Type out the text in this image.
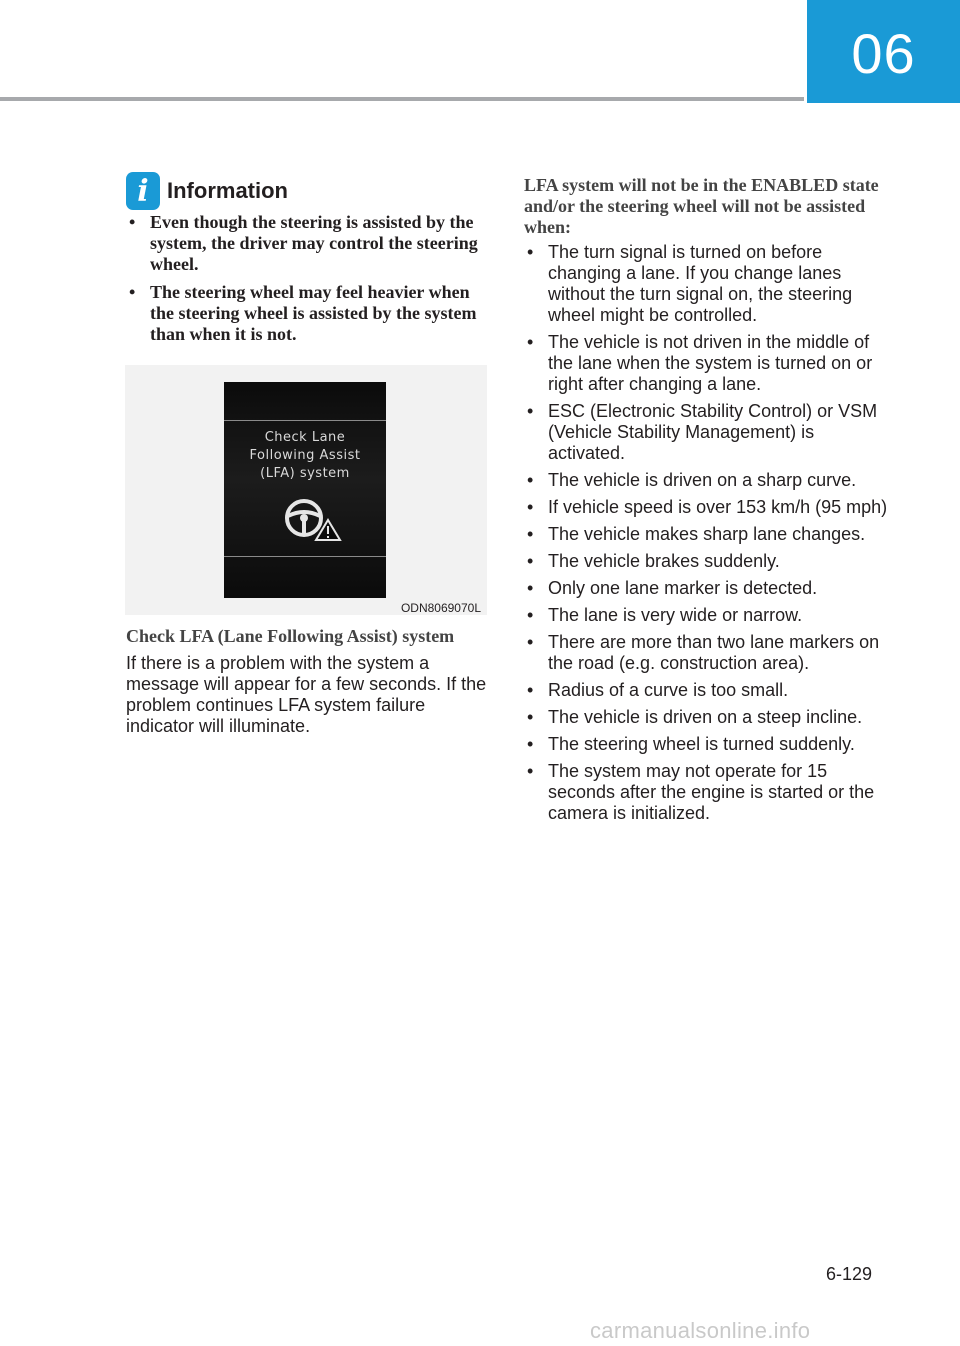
06
i Information
• Even though the steering is assisted by the system, the driver may control the steering wheel.
• The steering wheel may feel heavier when the steering wheel is assisted by the system than when it is not.
Check Lane
Following Assist
(LFA) system
ODN8069070L
Check LFA (Lane Following Assist) system

If there is a problem with the system a message will appear for a few seconds. If the problem continues LFA system failure indicator will illuminate.

LFA system will not be in the ENABLED state and/or the steering wheel will not be assisted when:
• The turn signal is turned on before changing a lane. If you change lanes without the turn signal on, the steering wheel might be controlled.
• The vehicle is not driven in the middle of the lane when the system is turned on or right after changing a lane.
• ESC (Electronic Stability Control) or VSM (Vehicle Stability Management) is activated.
• The vehicle is driven on a sharp curve.
• If vehicle speed is over 153 km/h (95 mph)
• The vehicle makes sharp lane changes.
• The vehicle brakes suddenly.
• Only one lane marker is detected.
• The lane is very wide or narrow.
• There are more than two lane markers on the road (e.g. construction area).
• Radius of a curve is too small.
• The vehicle is driven on a steep incline.
• The steering wheel is turned suddenly.
• The system may not operate for 15 seconds after the engine is started or the camera is initialized.
6-129
carmanualsonline.info
